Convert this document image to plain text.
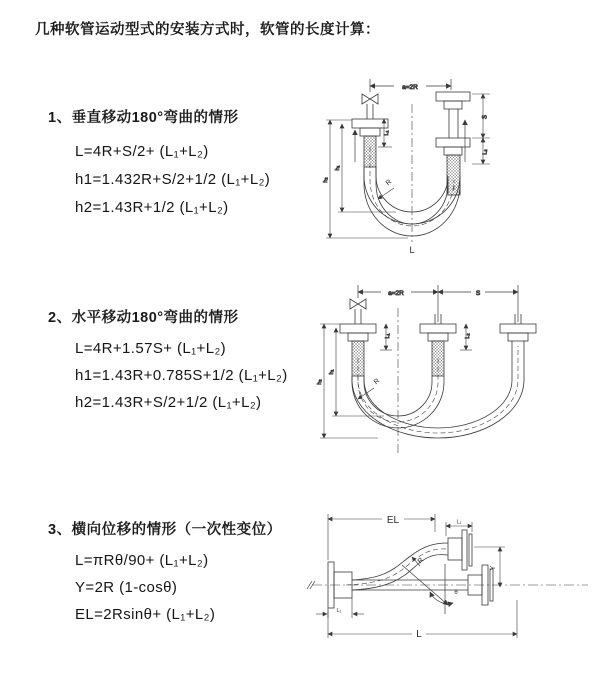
几种软管运动型式的安装方式时，软管的长度计算：
1、垂直移动180°弯曲的情形
L=4R+S/2+ (L₁+L₂)
h1=1.432R+S/2+1/2 (L₁+L₂)
h2=1.43R+1/2 (L₁+L₂)
2、水平移动180°弯曲的情形
L=4R+1.57S+ (L₁+L₂)
h1=1.43R+0.785S+1/2 (L₁+L₂)
h2=1.43R+S/2+1/2 (L₁+L₂)
3、横向位移的情形（一次性变位）
L=πRθ/90+ (L₁+L₂)
Y=2R (1-cosθ)
EL=2Rsinθ+ (L₁+L₂)
a=2R
L₁
S
L₂
h₂
h₁
R
L
a=2R	S
h₂
h₁
L₁	L₂
R
EL	L₁
Y
R
θ
L
L₁
